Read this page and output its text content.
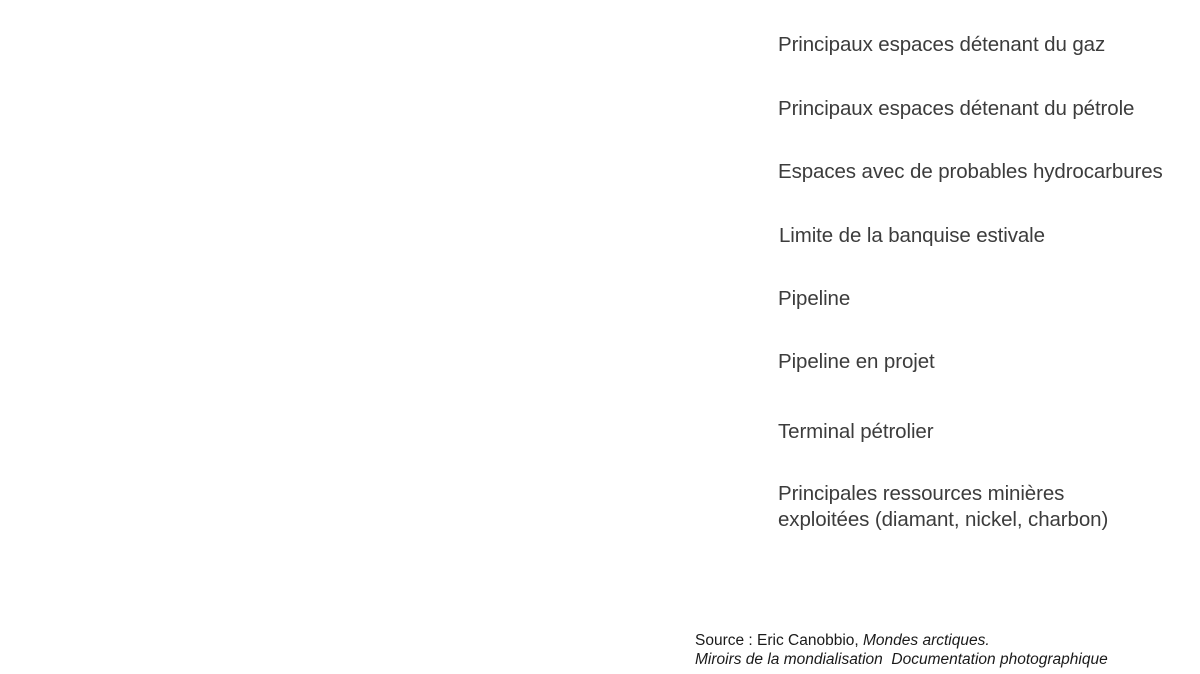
Principaux espaces détenant du gaz
Principaux espaces détenant du pétrole
Espaces avec de probables hydrocarbures
Limite de la banquise estivale
Pipeline
Pipeline en projet
Terminal pétrolier
Principales ressources minières
exploitées (diamant, nickel, charbon)
Source : Eric Canobbio, Mondes arctiques.
Miroirs de la mondialisation  Documentation photographique
